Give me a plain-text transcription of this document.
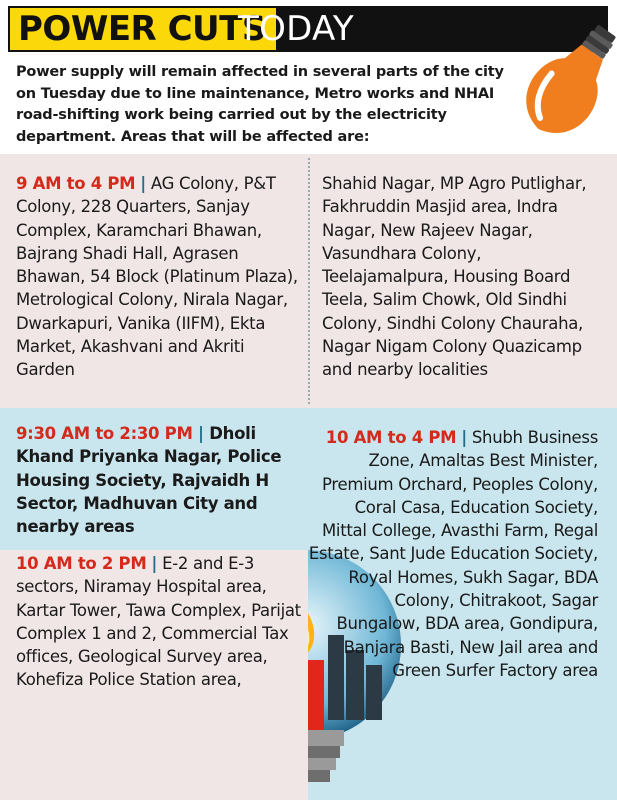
POWER CUTS
TODAY
Power supply will remain affected in several parts of the city on Tuesday due to line maintenance, Metro works and NHAI road-shifting work being carried out by the electricity department. Areas that will be affected are:
9 AM to 4 PM | AG Colony, P&T Colony, 228 Quarters, Sanjay Complex, Karamchari Bhawan, Bajrang Shadi Hall, Agrasen Bhawan, 54 Block (Platinum Plaza), Metrological Colony, Nirala Nagar, Dwarkapuri, Vanika (IIFM), Ekta Market, Akashvani and Akriti Garden
Shahid Nagar, MP Agro Putlighar, Fakhruddin Masjid area, Indra Nagar, New Rajeev Nagar, Vasundhara Colony, Teelajamalpura, Housing Board Teela, Salim Chowk, Old Sindhi Colony, Sindhi Colony Chauraha, Nagar Nigam Colony Quazicamp and nearby localities
9:30 AM to 2:30 PM | Dholi Khand Priyanka Nagar, Police Housing Society, Rajvaidh H Sector, Madhuvan City and nearby areas
10 AM to 4 PM | Shubh Business Zone, Amaltas Best Minister, Premium Orchard, Peoples Colony, Coral Casa, Education Society, Mittal College, Avasthi Farm, Regal Estate, Sant Jude Education Society, Royal Homes, Sukh Sagar, BDA Colony, Chitrakoot, Sagar Bungalow, BDA area, Gondipura, Banjara Basti, New Jail area and Green Surfer Factory area
10 AM to 2 PM | E-2 and E-3 sectors, Niramay Hospital area, Kartar Tower, Tawa Complex, Parijat Complex 1 and 2, Commercial Tax offices, Geological Survey area, Kohefiza Police Station area,
